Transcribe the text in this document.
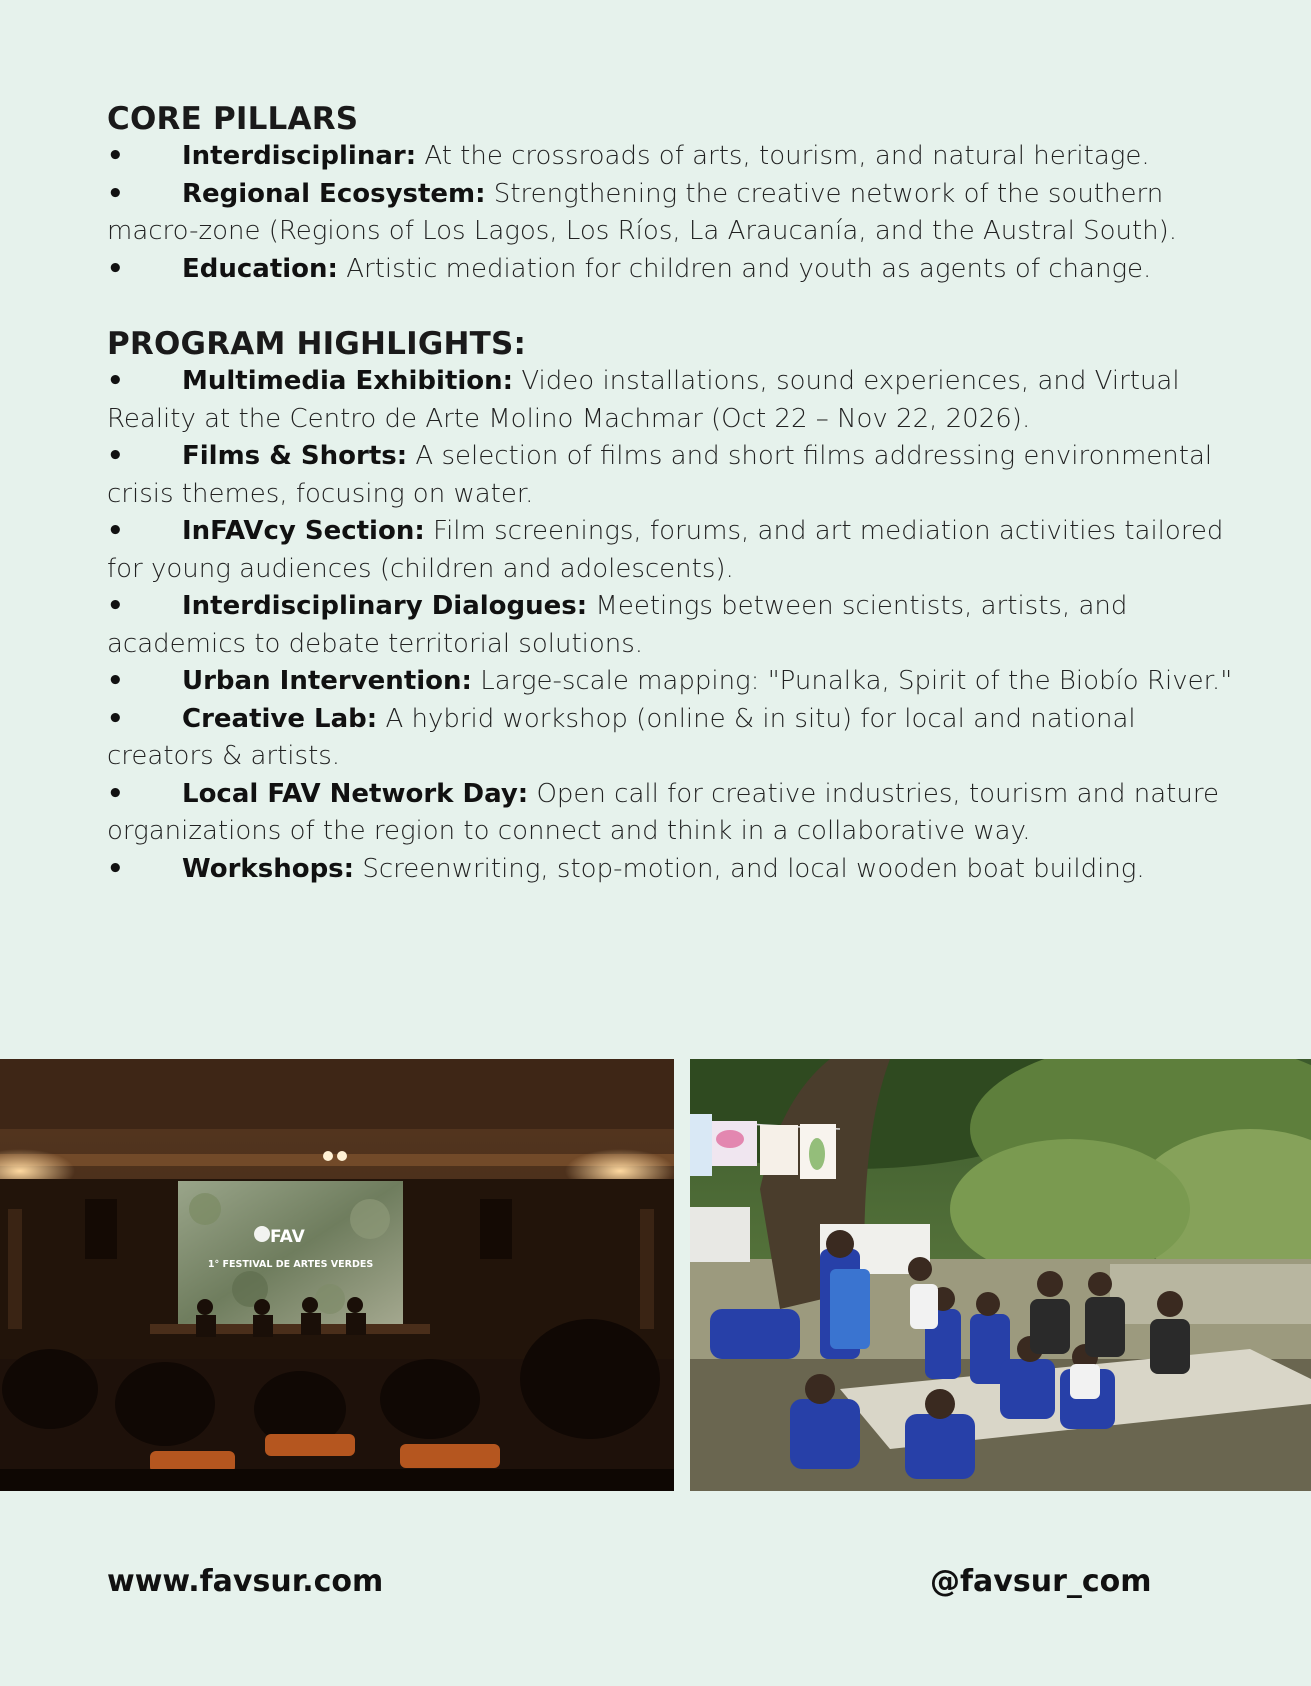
CORE PILLARS
• Interdisciplinar: At the crossroads of arts, tourism, and natural heritage.
• Regional Ecosystem: Strengthening the creative network of the southern macro-zone (Regions of Los Lagos, Los Ríos, La Araucanía, and the Austral South).
• Education: Artistic mediation for children and youth as agents of change.
PROGRAM HIGHLIGHTS:
• Multimedia Exhibition: Video installations, sound experiences, and Virtual Reality at the Centro de Arte Molino Machmar (Oct 22 – Nov 22, 2026).
• Films & Shorts: A selection of films and short films addressing environmental crisis themes, focusing on water.
• InFAVcy Section: Film screenings, forums, and art mediation activities tailored for young audiences (children and adolescents).
• Interdisciplinary Dialogues: Meetings between scientists, artists, and academics to debate territorial solutions.
• Urban Intervention: Large-scale mapping: "Punalka, Spirit of the Biobío River."
• Creative Lab: A hybrid workshop (online & in situ) for local and national creators & artists.
• Local FAV Network Day: Open call for creative industries, tourism and nature organizations of the region to connect and think in a collaborative way.
• Workshops: Screenwriting, stop-motion, and local wooden boat building.
FAV
1° FESTIVAL DE ARTES VERDES
www.favsur.com	@favsur_com
